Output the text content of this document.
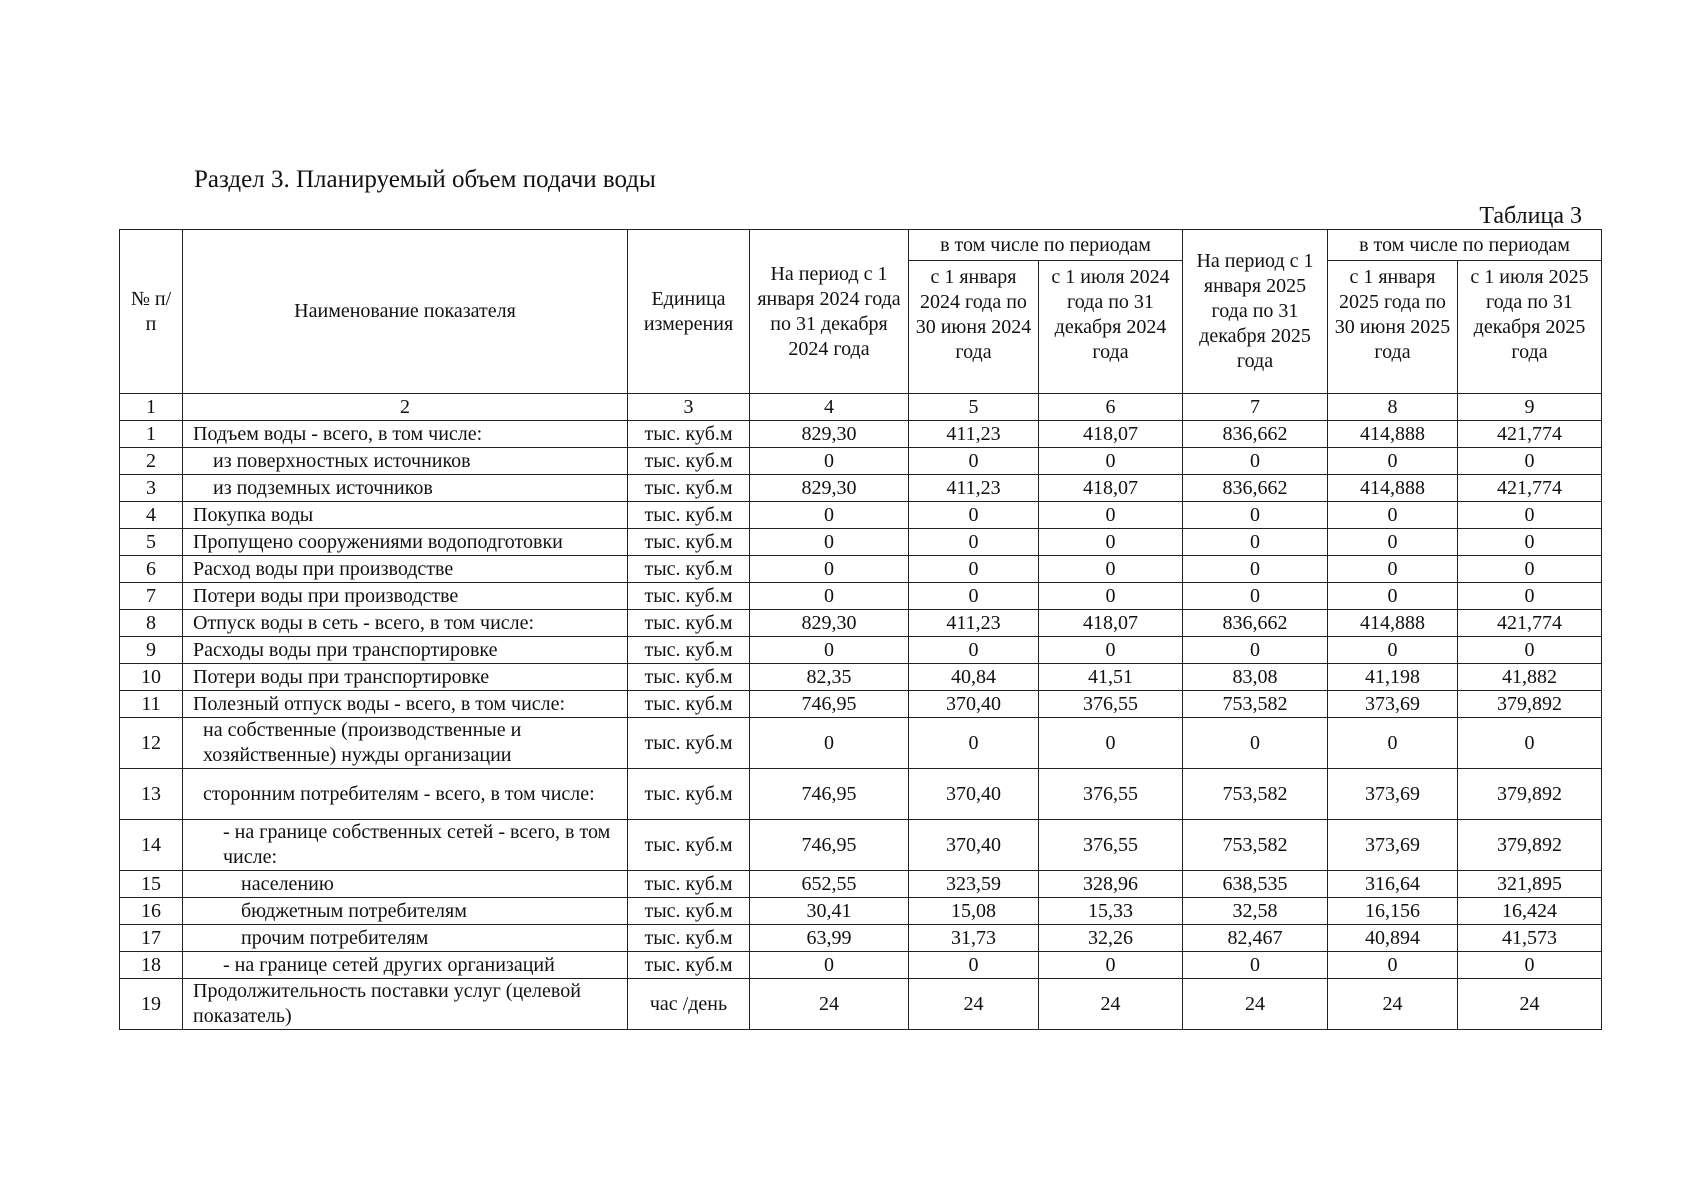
Раздел 3. Планируемый объем подачи воды
Таблица 3
№ п/п	Наименование показателя	Единица измерения	На период с 1 января 2024 года по 31 декабря 2024 года	в том числе по периодам		На период с 1 января 2025 года по 31 декабря 2025 года	в том числе по периодам	
				с 1 января 2024 года по 30 июня 2024 года	с 1 июля 2024 года по 31 декабря 2024 года		с 1 января 2025 года по 30 июня 2025 года	с 1 июля 2025 года по 31 декабря 2025 года
1	2	3	4	5	6	7	8	9
1	Подъем воды - всего, в том числе:	тыс. куб.м	829,30	411,23	418,07	836,662	414,888	421,774
2	из поверхностных источников	тыс. куб.м	0	0	0	0	0	0
3	из подземных источников	тыс. куб.м	829,30	411,23	418,07	836,662	414,888	421,774
4	Покупка воды	тыс. куб.м	0	0	0	0	0	0
5	Пропущено сооружениями водоподготовки	тыс. куб.м	0	0	0	0	0	0
6	Расход воды при производстве	тыс. куб.м	0	0	0	0	0	0
7	Потери воды при производстве	тыс. куб.м	0	0	0	0	0	0
8	Отпуск воды в сеть - всего, в том числе:	тыс. куб.м	829,30	411,23	418,07	836,662	414,888	421,774
9	Расходы воды при транспортировке	тыс. куб.м	0	0	0	0	0	0
10	Потери воды при транспортировке	тыс. куб.м	82,35	40,84	41,51	83,08	41,198	41,882
11	Полезный отпуск воды - всего, в том числе:	тыс. куб.м	746,95	370,40	376,55	753,582	373,69	379,892
12	на собственные (производственные и хозяйственные) нужды организации	тыс. куб.м	0	0	0	0	0	0
13	сторонним потребителям - всего, в том числе:	тыс. куб.м	746,95	370,40	376,55	753,582	373,69	379,892
14	- на границе собственных сетей - всего, в том числе:	тыс. куб.м	746,95	370,40	376,55	753,582	373,69	379,892
15	населению	тыс. куб.м	652,55	323,59	328,96	638,535	316,64	321,895
16	бюджетным потребителям	тыс. куб.м	30,41	15,08	15,33	32,58	16,156	16,424
17	прочим потребителям	тыс. куб.м	63,99	31,73	32,26	82,467	40,894	41,573
18	- на границе сетей других организаций	тыс. куб.м	0	0	0	0	0	0
19	Продолжительность поставки услуг (целевой показатель)	час /день	24	24	24	24	24	24
